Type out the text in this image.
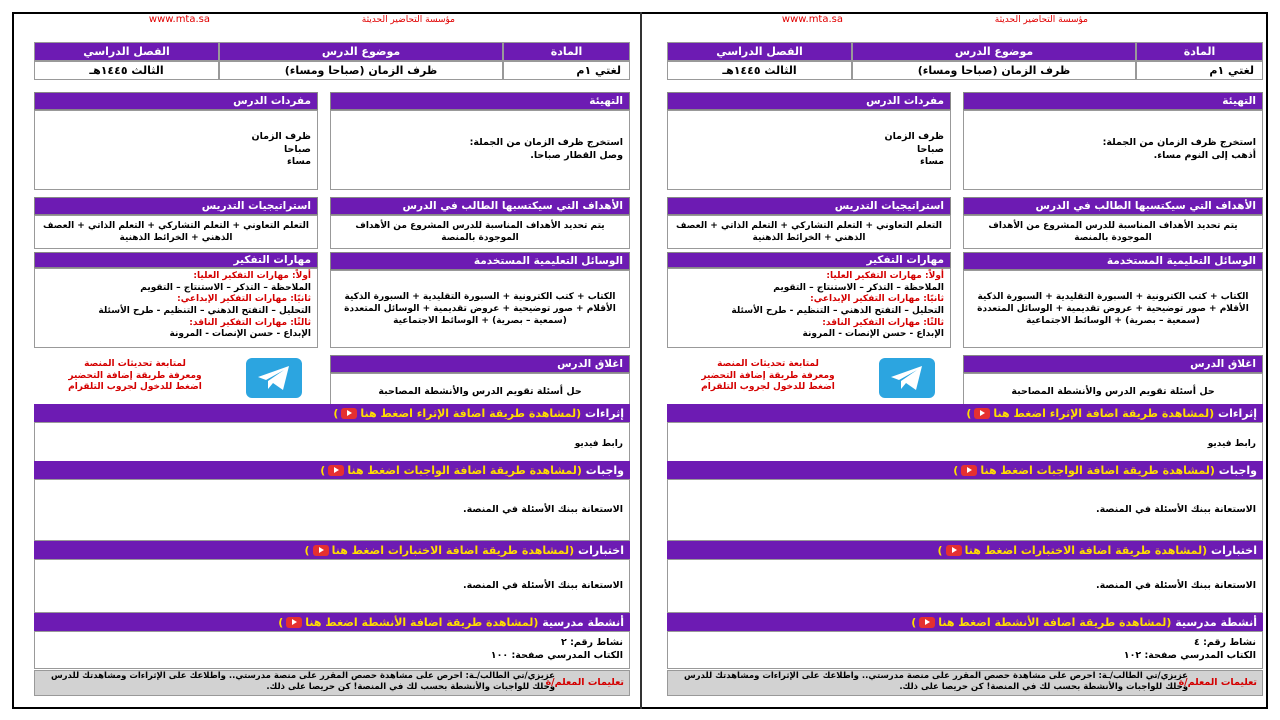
مؤسسة التحاضير الحديثة
www.mta.sa
المادة
موضوع الدرس
الفصل الدراسي
لغتي ١م
ظرف الزمان (صباحا ومساء)
الثالث ١٤٤٥هـ
التهيئة
استخرج ظرف الزمان من الجملة:
وصل القطار صباحا.
مفردات الدرس
ظرف الزمان
صباحا
مساء
الأهداف التي سيكتسبها الطالب في الدرس
يتم تحديد الأهداف المناسبة للدرس المشروع من الأهداف الموجودة بالمنصة
استراتيجيات التدريس
التعلم التعاوني + التعلم التشاركي + التعلم الذاتي + العصف الذهني + الخرائط الذهنية
الوسائل التعليمية المستخدمة
الكتاب + كتب الكترونية + السبورة التقليدية + السبورة الذكية الأقلام + صور توضيحية + عروض تقديمية + الوسائل المتعددة (سمعية – بصرية) + الوسائط الاجتماعية
مهارات التفكير
أولاً: مهارات التفكير العليا:
الملاحظة – التذكر – الاستنتاج – التقويم
ثانيًا: مهارات التفكير الإبداعي:
التحليل – التفتح الذهني – التنظيم - طرح الأسئلة
ثالثًا: مهارات التفكير الناقد:
الإبداع - حسن الإنصات - المرونة
اغلاق الدرس
حل أسئلة تقويم الدرس والأنشطة المصاحبة
لمتابعة تحديثات المنصة
ومعرفة طريقة إضافة التحضير
اضغط للدخول لجروب التلقرام
إثراءات

(لمشاهدة طريقة اضافة الإثراء اضغط هنا
)
رابط فيديو
واجبات

(لمشاهدة طريقة اضافة الواجبات اضغط هنا
)
الاستعانة ببنك الأسئلة في المنصة.
اختبارات

(لمشاهدة طريقة اضافة الاختبارات اضغط هنا
)
الاستعانة ببنك الأسئلة في المنصة.
أنشطة مدرسية

(لمشاهدة طريقة اضافة الأنشطة اضغط هنا
)
نشاط رقم: ٢
الكتاب المدرسي صفحة: ١٠٠
تعليمات المعلم/ة
عزيزي/تي الطالب/ـة: احرص على مشاهدة حصص المقرر على منصة مدرستي.. واطلاعك على الإثراءات ومشاهدتك للدرس وحلك للواجبات والأنشطة بحسب لك في المنصة! كن حريصا على ذلك.
مؤسسة التحاضير الحديثة
www.mta.sa
المادة
موضوع الدرس
الفصل الدراسي
لغتي ١م
ظرف الزمان (صباحا ومساء)
الثالث ١٤٤٥هـ
التهيئة
استخرج ظرف الزمان من الجملة:
أذهب إلى النوم مساء.
مفردات الدرس
ظرف الزمان
صباحا
مساء
الأهداف التي سيكتسبها الطالب في الدرس
يتم تحديد الأهداف المناسبة للدرس المشروع من الأهداف الموجودة بالمنصة
استراتيجيات التدريس
التعلم التعاوني + التعلم التشاركي + التعلم الذاتي + العصف الذهني + الخرائط الذهنية
الوسائل التعليمية المستخدمة
الكتاب + كتب الكترونية + السبورة التقليدية + السبورة الذكية الأقلام + صور توضيحية + عروض تقديمية + الوسائل المتعددة (سمعية – بصرية) + الوسائط الاجتماعية
مهارات التفكير
أولاً: مهارات التفكير العليا:
الملاحظة – التذكر – الاستنتاج – التقويم
ثانيًا: مهارات التفكير الإبداعي:
التحليل – التفتح الذهني – التنظيم - طرح الأسئلة
ثالثًا: مهارات التفكير الناقد:
الإبداع - حسن الإنصات - المرونة
اغلاق الدرس
حل أسئلة تقويم الدرس والأنشطة المصاحبة
لمتابعة تحديثات المنصة
ومعرفة طريقة إضافة التحضير
اضغط للدخول لجروب التلقرام
إثراءات

(لمشاهدة طريقة اضافة الإثراء اضغط هنا
)
رابط فيديو
واجبات

(لمشاهدة طريقة اضافة الواجبات اضغط هنا
)
الاستعانة ببنك الأسئلة في المنصة.
اختبارات

(لمشاهدة طريقة اضافة الاختبارات اضغط هنا
)
الاستعانة ببنك الأسئلة في المنصة.
أنشطة مدرسية

(لمشاهدة طريقة اضافة الأنشطة اضغط هنا
)
نشاط رقم: ٤
الكتاب المدرسي صفحة: ١٠٢
تعليمات المعلم/ة
عزيزي/تي الطالب/ـة: احرص على مشاهدة حصص المقرر على منصة مدرستي.. واطلاعك على الإثراءات ومشاهدتك للدرس وحلك للواجبات والأنشطة بحسب لك في المنصة! كن حريصا على ذلك.
